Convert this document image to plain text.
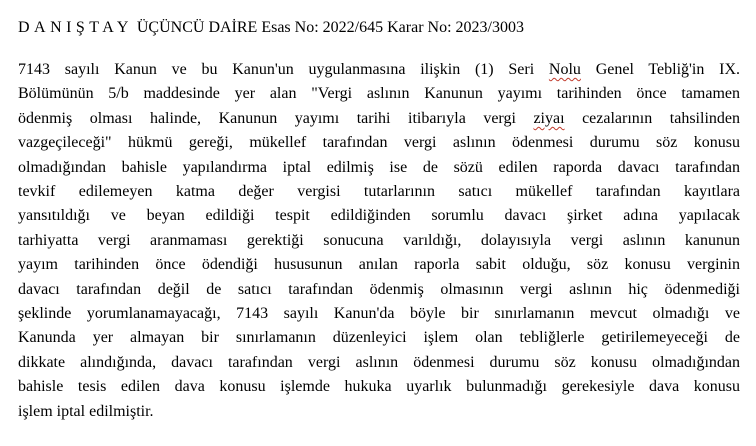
DANIŞTAY ÜÇÜNCÜ DAİRE Esas No: 2022/645 Karar No: 2023/3003

7143 sayılı Kanun ve bu Kanun'un uygulanmasına ilişkin (1) Seri Nolu Genel Tebliğ'in IX.
Bölümünün 5/b maddesinde yer alan "Vergi aslının Kanunun yayımı tarihinden önce tamamen
ödenmiş olması halinde, Kanunun yayımı tarihi itibarıyla vergi ziyaı cezalarının tahsilinden
vazgeçileceği" hükmü gereği, mükellef tarafından vergi aslının ödenmesi durumu söz konusu
olmadığından bahisle yapılandırma iptal edilmiş ise de sözü edilen raporda davacı tarafından
tevkif edilemeyen katma değer vergisi tutarlarının satıcı mükellef tarafından kayıtlara
yansıtıldığı ve beyan edildiği tespit edildiğinden sorumlu davacı şirket adına yapılacak
tarhiyatta vergi aranmaması gerektiği sonucuna varıldığı, dolayısıyla vergi aslının kanunun
yayım tarihinden önce ödendiği hususunun anılan raporla sabit olduğu, söz konusu verginin
davacı tarafından değil de satıcı tarafından ödenmiş olmasının vergi aslının hiç ödenmediği
şeklinde yorumlanamayacağı, 7143 sayılı Kanun'da böyle bir sınırlamanın mevcut olmadığı ve
Kanunda yer almayan bir sınırlamanın düzenleyici işlem olan tebliğlerle getirilemeyeceği de
dikkate alındığında, davacı tarafından vergi aslının ödenmesi durumu söz konusu olmadığından
bahisle tesis edilen dava konusu işlemde hukuka uyarlık bulunmadığı gerekesiyle dava konusu
işlem iptal edilmiştir.
